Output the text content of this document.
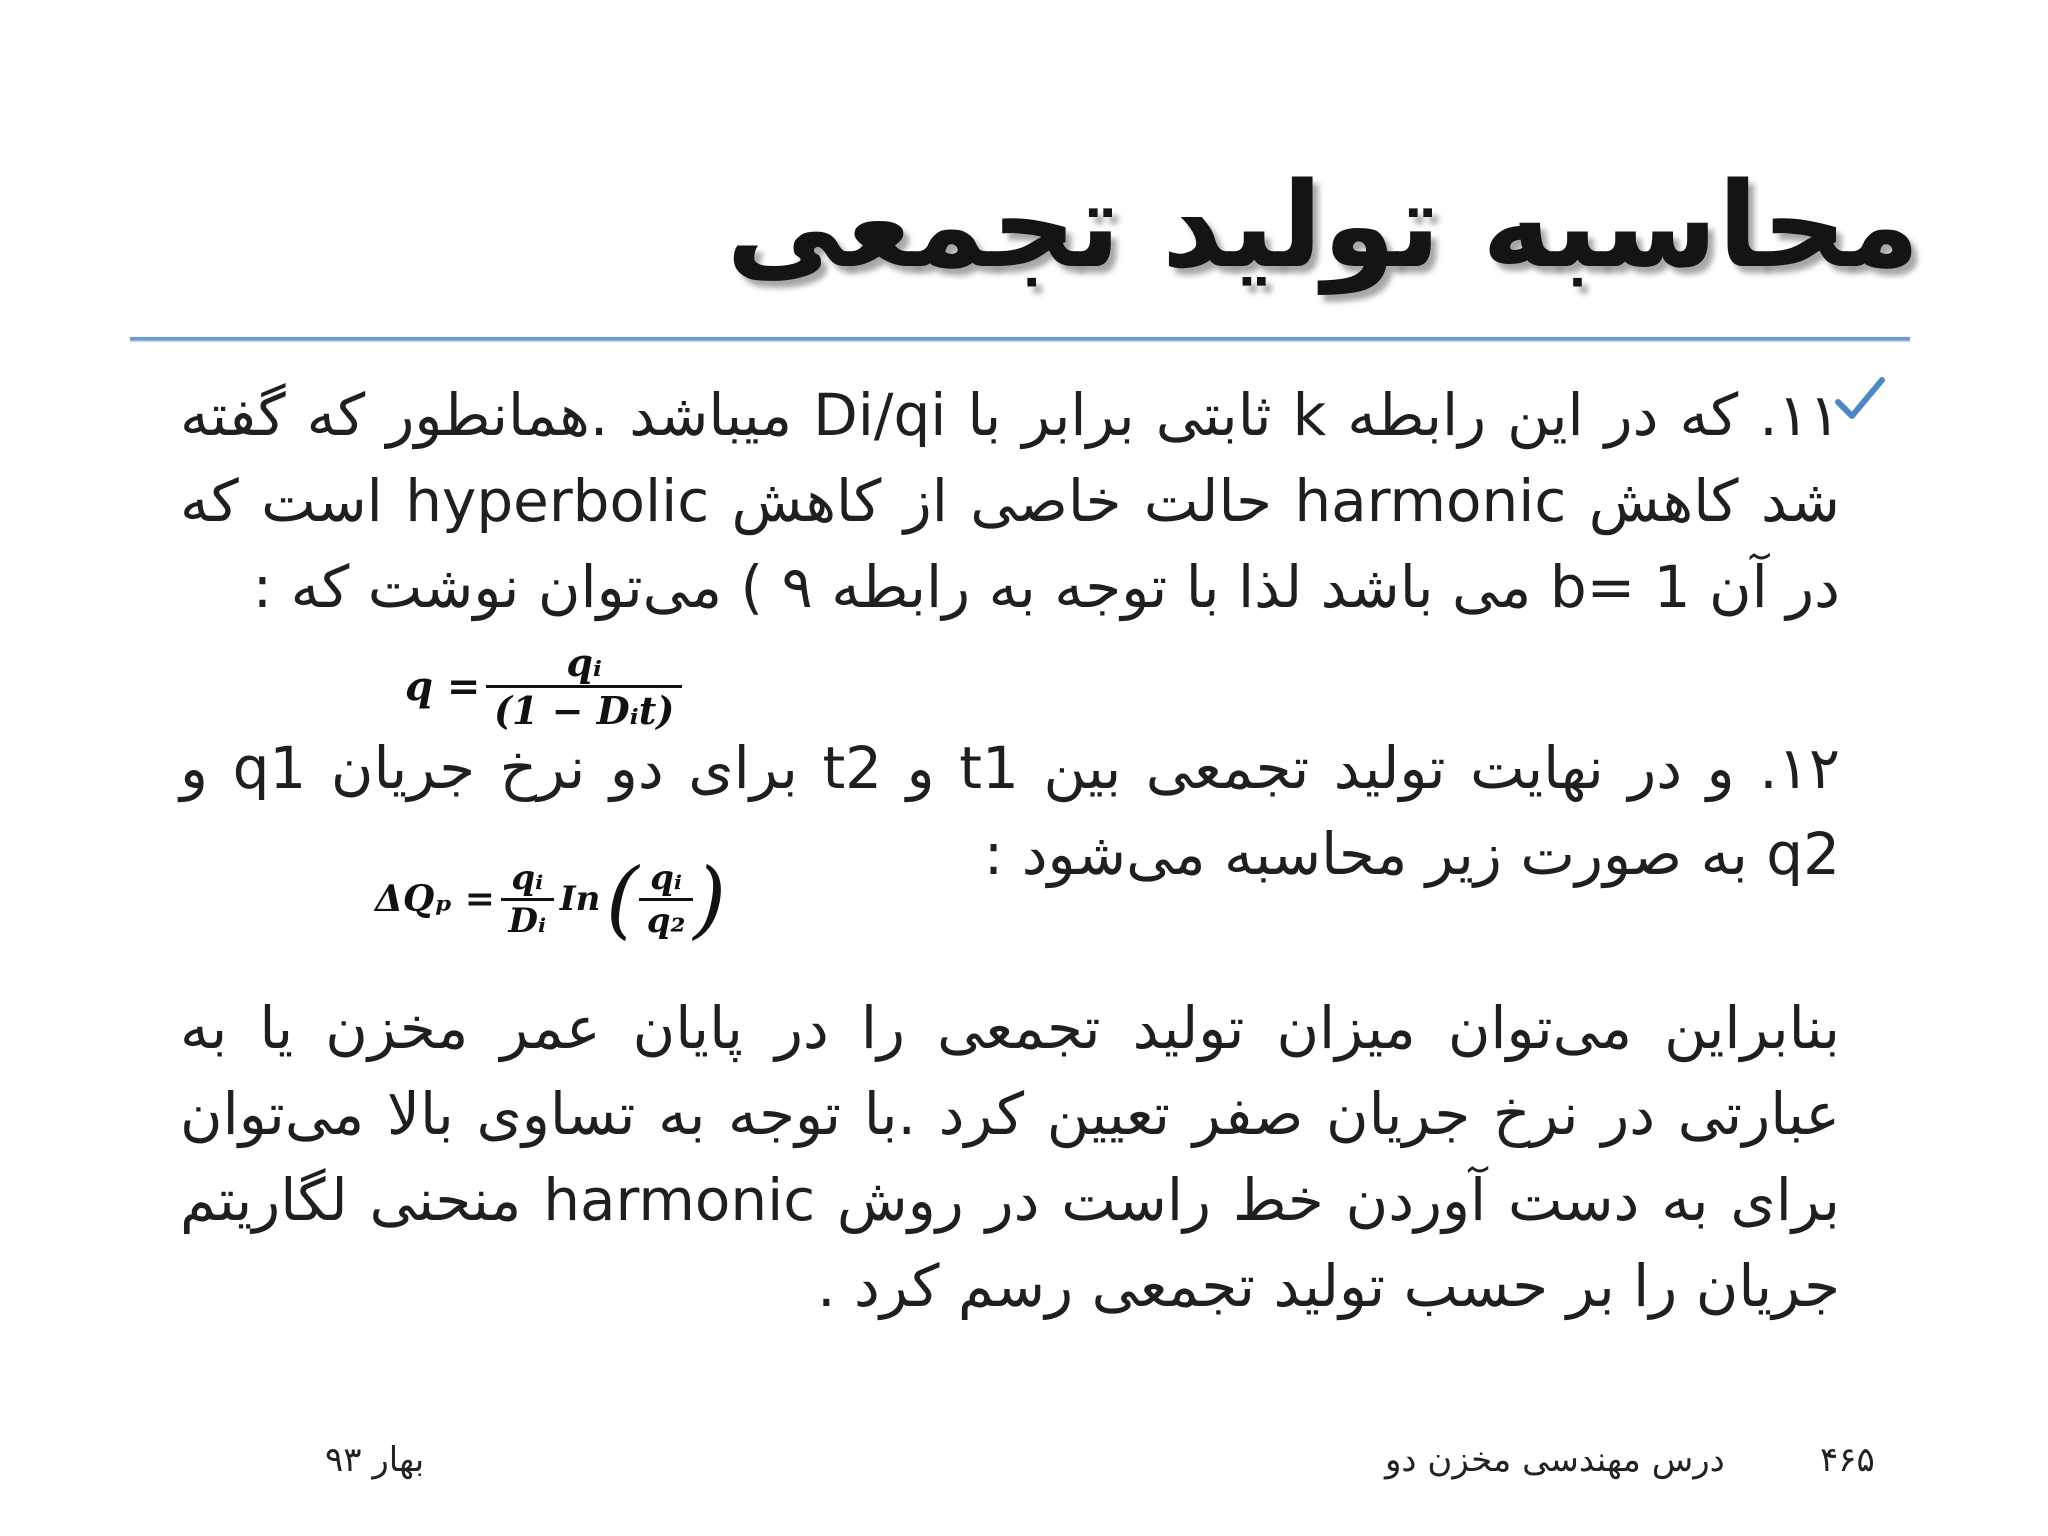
محاسبه تولید تجمعی
۱۱. که در این رابطه k ثابتی برابر با Di/qi میباشد .همانطور که گفته شد کاهش harmonic حالت خاصی از کاهش hyperbolic است که در آن b= 1 می باشد لذا با توجه به رابطه ۹ ) می‌توان نوشت که :
$q = \frac{\text{qᵢ}}{\text{(1 − Dᵢt)}}$
۱۲. و در نهایت تولید تجمعی بین t1 و t2 برای دو نرخ جریان q1 و q2 به صورت زیر محاسبه می‌شود :
$\Delta Q_p = \frac{\text{qᵢ}}{\text{Dᵢ}}$ In ( $\frac{\text{qᵢ}}{\text{q₂}}$ )
بنابراین می‌توان میزان تولید تجمعی را در پایان عمر مخزن یا به عبارتی در نرخ جریان صفر تعیین کرد .با توجه به تساوی بالا می‌توان برای به دست آوردن خط راست در روش harmonic منحنی لگاریتم جریان را بر حسب تولید تجمعی رسم کرد .
۴۶۵
درس مهندسی مخزن دو
بهار ۹۳
